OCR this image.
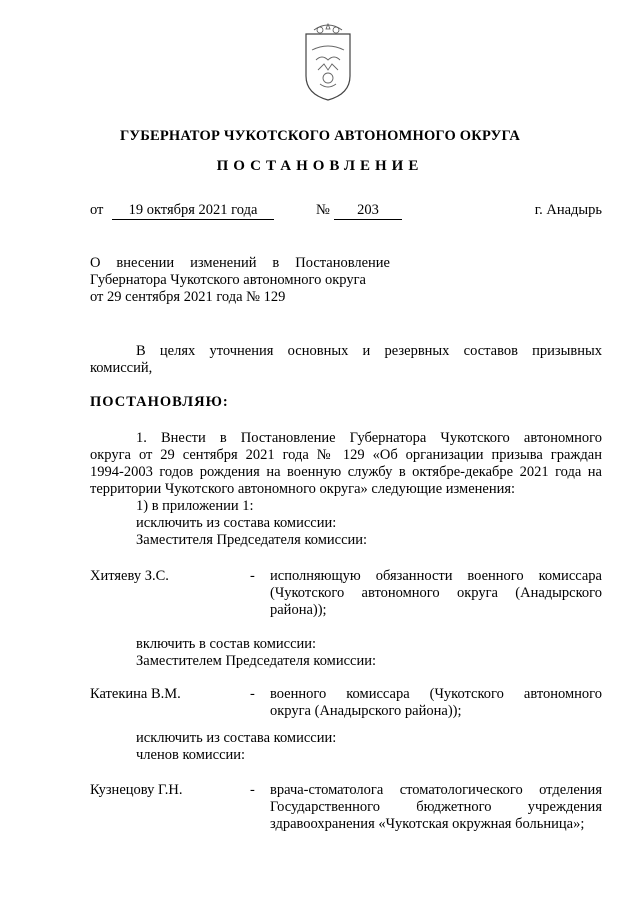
ГУБЕРНАТОР ЧУКОТСКОГО АВТОНОМНОГО ОКРУГА
ПОСТАНОВЛЕНИЕ
от	19 октября 2021 года	№	203	г. Анадырь
О внесении изменений в Постановление
Губернатора Чукотского автономного округа
от 29 сентября 2021 года № 129
В целях уточнения основных и резервных составов призывных
комиссий,
ПОСТАНОВЛЯЮ:
1. Внести в Постановление Губернатора Чукотского автономного
округа от 29 сентября 2021 года № 129 «Об организации призыва граждан
1994-2003 годов рождения на военную службу в октябре-декабре 2021 года на
территории Чукотского автономного округа» следующие изменения:
1) в приложении 1:
исключить из состава комиссии:
Заместителя Председателя комиссии:
Хитяеву З.С.	- исполняющую обязанности военного комиссара
(Чукотского автономного округа (Анадырского
района));
включить в состав комиссии:
Заместителем Председателя комиссии:
Катекина В.М.	- военного комиссара (Чукотского автономного
округа (Анадырского района));
исключить из состава комиссии:
членов комиссии:
Кузнецову Г.Н.	- врача-стоматолога стоматологического отделения
Государственного бюджетного учреждения
здравоохранения «Чукотская окружная больница»;
